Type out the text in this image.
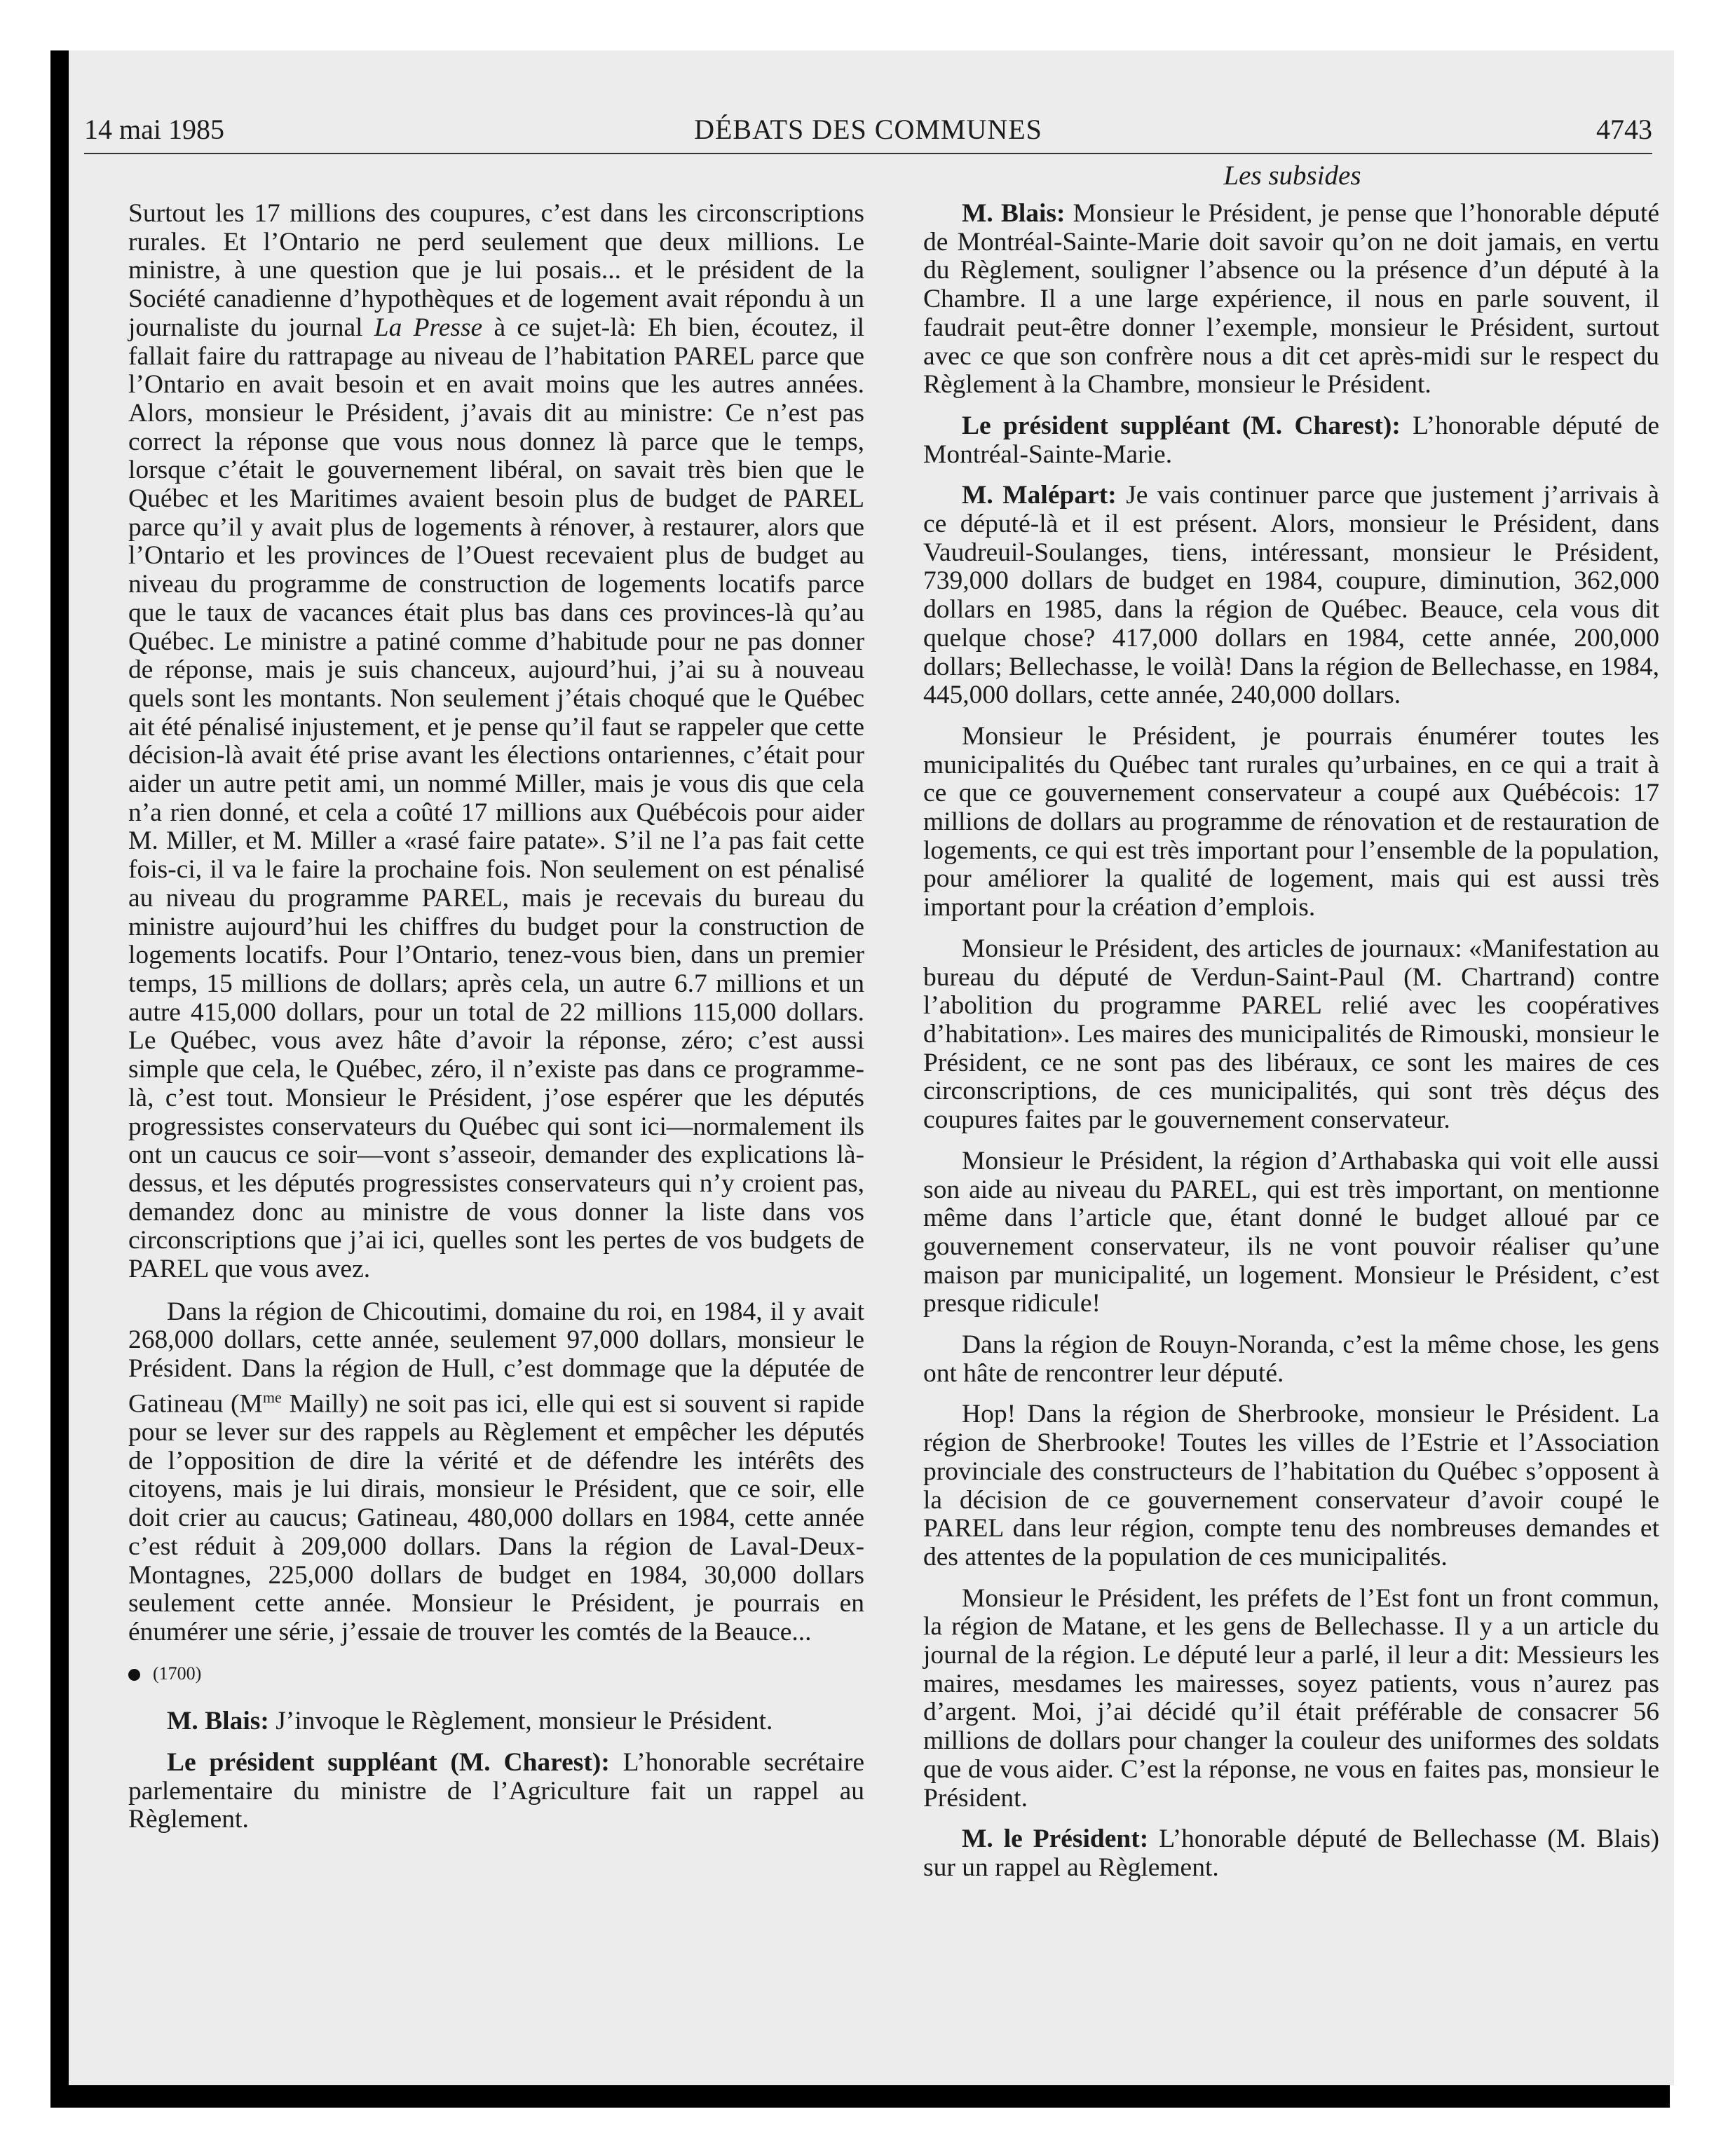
14 mai 1985	DÉBATS DES COMMUNES	4743
Les subsides

Surtout les 17 millions des coupures, c’est dans les circonscriptions rurales. Et l’Ontario ne perd seulement que deux millions. Le ministre, à une question que je lui posais... et le président de la Société canadienne d’hypothèques et de logement avait répondu à un journaliste du journal La Presse à ce sujet-là: Eh bien, écoutez, il fallait faire du rattrapage au niveau de l’habitation PAREL parce que l’Ontario en avait besoin et en avait moins que les autres années. Alors, monsieur le Président, j’avais dit au ministre: Ce n’est pas correct la réponse que vous nous donnez là parce que le temps, lorsque c’était le gouvernement libéral, on savait très bien que le Québec et les Maritimes avaient besoin plus de budget de PAREL parce qu’il y avait plus de logements à rénover, à restaurer, alors que l’Ontario et les provinces de l’Ouest recevaient plus de budget au niveau du programme de construction de logements locatifs parce que le taux de vacances était plus bas dans ces provinces-là qu’au Québec. Le ministre a patiné comme d’habitude pour ne pas donner de réponse, mais je suis chanceux, aujourd’hui, j’ai su à nouveau quels sont les montants. Non seulement j’étais choqué que le Québec ait été pénalisé injustement, et je pense qu’il faut se rappeler que cette décision-là avait été prise avant les élections ontariennes, c’était pour aider un autre petit ami, un nommé Miller, mais je vous dis que cela n’a rien donné, et cela a coûté 17 millions aux Québécois pour aider M. Miller, et M. Miller a «rasé faire patate». S’il ne l’a pas fait cette fois-ci, il va le faire la prochaine fois. Non seulement on est pénalisé au niveau du programme PAREL, mais je recevais du bureau du ministre aujourd’hui les chiffres du budget pour la construction de logements locatifs. Pour l’Ontario, tenez-vous bien, dans un premier temps, 15 millions de dollars; après cela, un autre 6.7 millions et un autre 415,000 dollars, pour un total de 22 millions 115,000 dollars. Le Québec, vous avez hâte d’avoir la réponse, zéro; c’est aussi simple que cela, le Québec, zéro, il n’existe pas dans ce programme-là, c’est tout. Monsieur le Président, j’ose espérer que les députés progressistes conservateurs du Québec qui sont ici—normalement ils ont un caucus ce soir—vont s’asseoir, demander des explications là-dessus, et les députés progressistes conservateurs qui n’y croient pas, demandez donc au ministre de vous donner la liste dans vos circonscriptions que j’ai ici, quelles sont les pertes de vos budgets de PAREL que vous avez.

Dans la région de Chicoutimi, domaine du roi, en 1984, il y avait 268,000 dollars, cette année, seulement 97,000 dollars, monsieur le Président. Dans la région de Hull, c’est dommage que la députée de Gatineau ($M^{me}$ Mailly) ne soit pas ici, elle qui est si souvent si rapide pour se lever sur des rappels au Règlement et empêcher les députés de l’opposition de dire la vérité et de défendre les intérêts des citoyens, mais je lui dirais, monsieur le Président, que ce soir, elle doit crier au caucus; Gatineau, 480,000 dollars en 1984, cette année c’est réduit à 209,000 dollars. Dans la région de Laval-Deux-Montagnes, 225,000 dollars de budget en 1984, 30,000 dollars seulement cette année. Monsieur le Président, je pourrais en énumérer une série, j’essaie de trouver les comtés de la Beauce...

(1700)

M. Blais: J’invoque le Règlement, monsieur le Président.

Le président suppléant (M. Charest): L’honorable secrétaire parlementaire du ministre de l’Agriculture fait un rappel au Règlement.

M. Blais: Monsieur le Président, je pense que l’honorable député de Montréal-Sainte-Marie doit savoir qu’on ne doit jamais, en vertu du Règlement, souligner l’absence ou la présence d’un député à la Chambre. Il a une large expérience, il nous en parle souvent, il faudrait peut-être donner l’exemple, monsieur le Président, surtout avec ce que son confrère nous a dit cet après-midi sur le respect du Règlement à la Chambre, monsieur le Président.

Le président suppléant (M. Charest): L’honorable député de Montréal-Sainte-Marie.

M. Malépart: Je vais continuer parce que justement j’arrivais à ce député-là et il est présent. Alors, monsieur le Président, dans Vaudreuil-Soulanges, tiens, intéressant, monsieur le Président, 739,000 dollars de budget en 1984, coupure, diminution, 362,000 dollars en 1985, dans la région de Québec. Beauce, cela vous dit quelque chose? 417,000 dollars en 1984, cette année, 200,000 dollars; Bellechasse, le voilà! Dans la région de Bellechasse, en 1984, 445,000 dollars, cette année, 240,000 dollars.

Monsieur le Président, je pourrais énumérer toutes les municipalités du Québec tant rurales qu’urbaines, en ce qui a trait à ce que ce gouvernement conservateur a coupé aux Québécois: 17 millions de dollars au programme de rénovation et de restauration de logements, ce qui est très important pour l’ensemble de la population, pour améliorer la qualité de logement, mais qui est aussi très important pour la création d’emplois.

Monsieur le Président, des articles de journaux: «Manifestation au bureau du député de Verdun-Saint-Paul (M. Chartrand) contre l’abolition du programme PAREL relié avec les coopératives d’habitation». Les maires des municipalités de Rimouski, monsieur le Président, ce ne sont pas des libéraux, ce sont les maires de ces circonscriptions, de ces municipalités, qui sont très déçus des coupures faites par le gouvernement conservateur.

Monsieur le Président, la région d’Arthabaska qui voit elle aussi son aide au niveau du PAREL, qui est très important, on mentionne même dans l’article que, étant donné le budget alloué par ce gouvernement conservateur, ils ne vont pouvoir réaliser qu’une maison par municipalité, un logement. Monsieur le Président, c’est presque ridicule!

Dans la région de Rouyn-Noranda, c’est la même chose, les gens ont hâte de rencontrer leur député.

Hop! Dans la région de Sherbrooke, monsieur le Président. La région de Sherbrooke! Toutes les villes de l’Estrie et l’Association provinciale des constructeurs de l’habitation du Québec s’opposent à la décision de ce gouvernement conservateur d’avoir coupé le PAREL dans leur région, compte tenu des nombreuses demandes et des attentes de la population de ces municipalités.

Monsieur le Président, les préfets de l’Est font un front commun, la région de Matane, et les gens de Bellechasse. Il y a un article du journal de la région. Le député leur a parlé, il leur a dit: Messieurs les maires, mesdames les mairesses, soyez patients, vous n’aurez pas d’argent. Moi, j’ai décidé qu’il était préférable de consacrer 56 millions de dollars pour changer la couleur des uniformes des soldats que de vous aider. C’est la réponse, ne vous en faites pas, monsieur le Président.

M. le Président: L’honorable député de Bellechasse (M. Blais) sur un rappel au Règlement.
